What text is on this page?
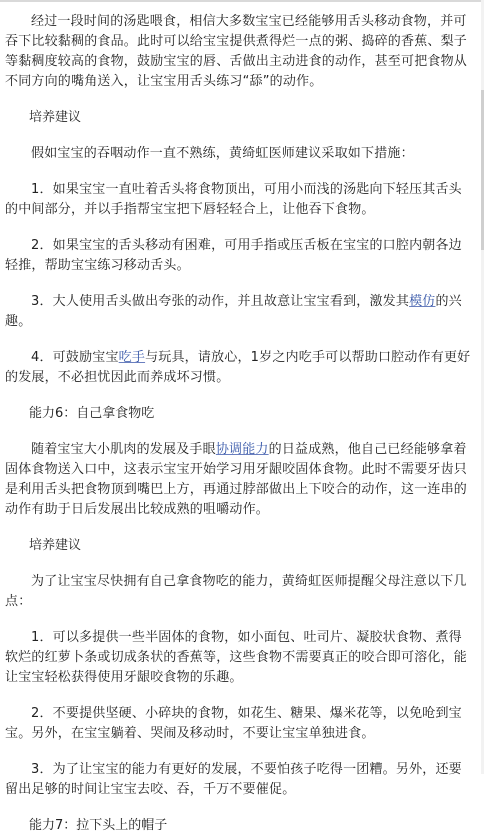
经过一段时间的汤匙喂食，相信大多数宝宝已经能够用舌头移动食物，并可吞下比较黏稠的食品。此时可以给宝宝提供煮得烂一点的粥、捣碎的香蕉、梨子等黏稠度较高的食物，鼓励宝宝的唇、舌做出主动进食的动作，甚至可把食物从不同方向的嘴角送入，让宝宝用舌头练习“舔”的动作。

培养建议

假如宝宝的吞咽动作一直不熟练，黄绮虹医师建议采取如下措施：

1．如果宝宝一直吐着舌头将食物顶出，可用小而浅的汤匙向下轻压其舌头的中间部分，并以手指帮宝宝把下唇轻轻合上，让他吞下食物。

2．如果宝宝的舌头移动有困难，可用手指或压舌板在宝宝的口腔内朝各边轻推，帮助宝宝练习移动舌头。

3．大人使用舌头做出夸张的动作，并且故意让宝宝看到，激发其模仿的兴趣。

4．可鼓励宝宝吃手与玩具，请放心，1岁之内吃手可以帮助口腔动作有更好的发展，不必担忧因此而养成坏习惯。

能力6：自己拿食物吃

随着宝宝大小肌肉的发展及手眼协调能力的日益成熟，他自己已经能够拿着固体食物送入口中，这表示宝宝开始学习用牙龈咬固体食物。此时不需要牙齿只是利用舌头把食物顶到嘴巴上方，再通过脖部做出上下咬合的动作，这一连串的动作有助于日后发展出比较成熟的咀嚼动作。

培养建议

为了让宝宝尽快拥有自己拿食物吃的能力，黄绮虹医师提醒父母注意以下几点：

1．可以多提供一些半固体的食物，如小面包、吐司片、凝胶状食物、煮得软烂的红萝卜条或切成条状的香蕉等，这些食物不需要真正的咬合即可溶化，能让宝宝轻松获得使用牙龈咬食物的乐趣。

2．不要提供坚硬、小碎块的食物，如花生、糖果、爆米花等，以免呛到宝宝。另外，在宝宝躺着、哭闹及移动时，不要让宝宝单独进食。

3．为了让宝宝的能力有更好的发展，不要怕孩子吃得一团糟。另外，还要留出足够的时间让宝宝去咬、吞，千万不要催促。

能力7：拉下头上的帽子
